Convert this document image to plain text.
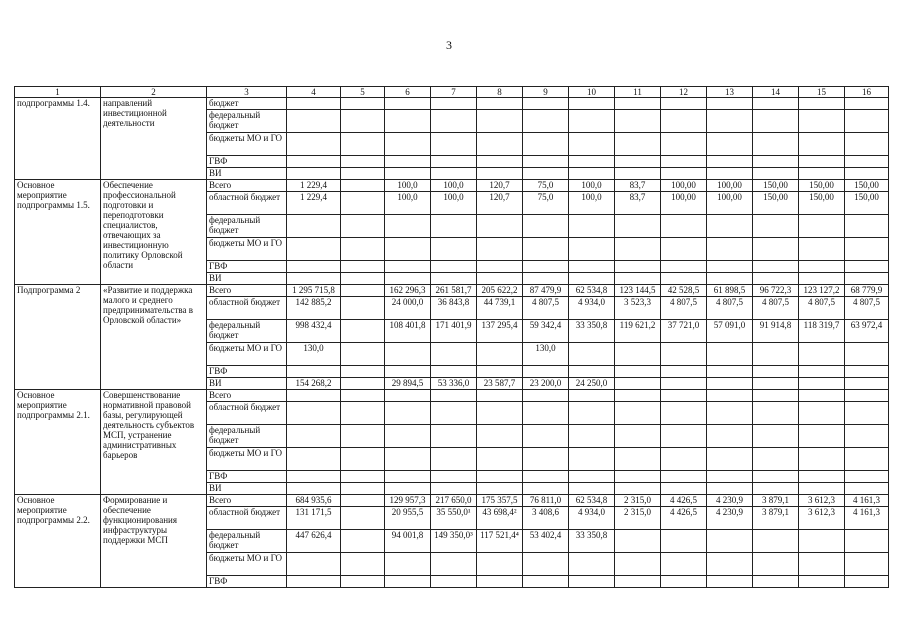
3
1	2	3	4	5	6	7	8	9	10	11	12	13	14	15	16
подпрограммы 1.4.	направлений инвестиционной деятельности	бюджет													
		федеральный бюджет													
		бюджеты МО и ГО													
		ГВФ													
		ВИ													
Основное мероприятие подпрограммы 1.5.	Обеспечение профессиональной подготовки и переподготовки специалистов, отвечающих за инвестиционную политику Орловской области	Всего	1 229,4		100,0	100,0	120,7	75,0	100,0	83,7	100,00	100,00	150,00	150,00	150,00
		областной бюджет	1 229,4		100,0	100,0	120,7	75,0	100,0	83,7	100,00	100,00	150,00	150,00	150,00
		федеральный бюджет													
		бюджеты МО и ГО													
		ГВФ													
		ВИ													
Подпрограмма 2	«Развитие и поддержка малого и среднего предпринимательства в Орловской области»	Всего	1 295 715,8		162 296,3	261 581,7	205 622,2	87 479,9	62 534,8	123 144,5	42 528,5	61 898,5	96 722,3	123 127,2	68 779,9
		областной бюджет	142 885,2		24 000,0	36 843,8	44 739,1	4 807,5	4 934,0	3 523,3	4 807,5	4 807,5	4 807,5	4 807,5	4 807,5
		федеральный бюджет	998 432,4		108 401,8	171 401,9	137 295,4	59 342,4	33 350,8	119 621,2	37 721,0	57 091,0	91 914,8	118 319,7	63 972,4
		бюджеты МО и ГО	130,0					130,0							
		ГВФ													
		ВИ	154 268,2		29 894,5	53 336,0	23 587,7	23 200,0	24 250,0						
Основное мероприятие подпрограммы 2.1.	Совершенствование нормативной правовой базы, регулирующей деятельность субъектов МСП, устранение административных барьеров	Всего													
		областной бюджет													
		федеральный бюджет													
		бюджеты МО и ГО													
		ГВФ													
		ВИ													
Основное мероприятие подпрограммы 2.2.	Формирование и обеспечение функционирования инфраструктуры поддержки МСП	Всего	684 935,6		129 957,3	217 650,0	175 357,5	76 811,0	62 534,8	2 315,0	4 426,5	4 230,9	3 879,1	3 612,3	4 161,3
		областной бюджет	131 171,5		20 955,5	35 550,0¹	43 698,4²	3 408,6	4 934,0	2 315,0	4 426,5	4 230,9	3 879,1	3 612,3	4 161,3
		федеральный бюджет	447 626,4		94 001,8	149 350,0³	117 521,4⁴	53 402,4	33 350,8						
		бюджеты МО и ГО													
		ГВФ													
